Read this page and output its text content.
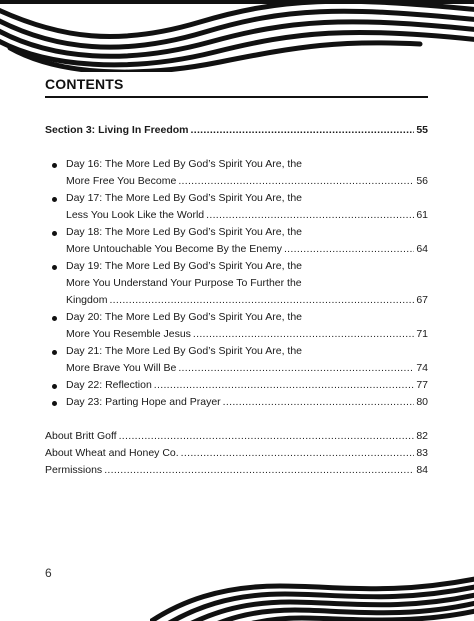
CONTENTS
Section 3: Living In Freedom .....	55
Day 16: The More Led By God’s Spirit You Are, the
More Free You Become .....	56
Day 17: The More Led By God’s Spirit You Are, the
Less You Look Like the World .....	61
Day 18: The More Led By God’s Spirit You Are, the
More Untouchable You Become By the Enemy .....	64
Day 19: The More Led By God’s Spirit You Are, the
More You Understand Your Purpose To Further the
Kingdom .....	67
Day 20: The More Led By God’s Spirit You Are, the
More You Resemble Jesus .....	71
Day 21: The More Led By God’s Spirit You Are, the
More Brave You Will Be .....	74
Day 22: Reflection .....	77
Day 23: Parting Hope and Prayer .....	80
About Britt Goff .....	82
About Wheat and Honey Co. .....	83
Permissions .....	84
6
